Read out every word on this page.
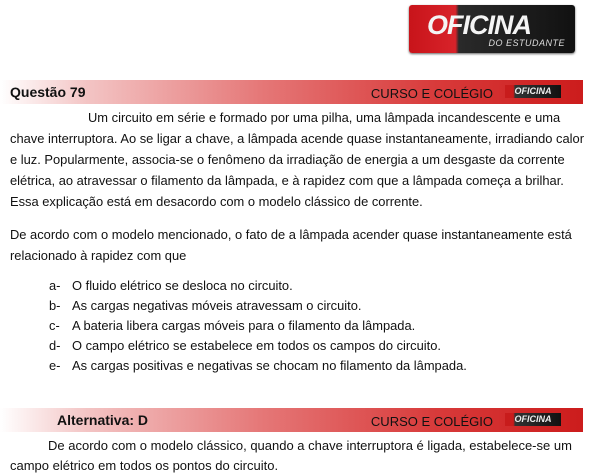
OFICINA
DO ESTUDANTE
Questão 79	CURSO E COLÉGIO	OFICINA
Um circuito em série e formado por uma pilha, uma lâmpada incandescente e uma chave interruptora. Ao se ligar a chave, a lâmpada acende quase instantaneamente, irradiando calor e luz. Popularmente, associa-se o fenômeno da irradiação de energia a um desgaste da corrente elétrica, ao atravessar o filamento da lâmpada, e à rapidez com que a lâmpada começa a brilhar. Essa explicação está em desacordo com o modelo clássico de corrente.
De acordo com o modelo mencionado, o fato de a lâmpada acender quase instantaneamente está relacionado à rapidez com que
a- O fluido elétrico se desloca no circuito.
b- As cargas negativas móveis atravessam o circuito.
c- A bateria libera cargas móveis para o filamento da lâmpada.
d- O campo elétrico se estabelece em todos os campos do circuito.
e- As cargas positivas e negativas se chocam no filamento da lâmpada.
Alternativa: D	CURSO E COLÉGIO	OFICINA
De acordo com o modelo clássico, quando a chave interruptora é ligada, estabelece-se um campo elétrico em todos os pontos do circuito.
